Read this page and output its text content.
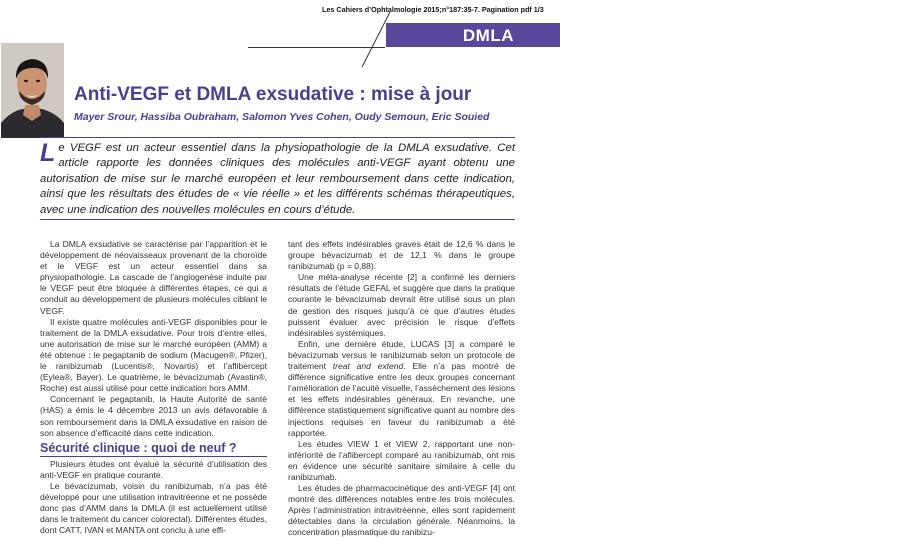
Les Cahiers d’Ophtalmologie 2015;n°187:35-7. Pagination pdf 1/3
DMLA
Anti-VEGF et DMLA exsudative : mise à jour
Mayer Srour, Hassiba Oubraham, Salomon Yves Cohen, Oudy Semoun, Eric Souied

Le VEGF est un acteur essentiel dans la physiopathologie de la DMLA exsudative. Cet article rapporte les données cliniques des molécules anti-VEGF ayant obtenu une autorisation de mise sur le marché européen et leur remboursement dans cette indication, ainsi que les résultats des études de « vie réelle » et les différents schémas thérapeutiques, avec une indication des nouvelles molécules en cours d’étude.

La DMLA exsudative se caractérise par l’apparition et le développement de néovaisseaux provenant de la choroïde et le VEGF est un acteur essentiel dans sa physiopathologie. La cascade de l’angiogenèse induite par le VEGF peut être bloquée à différentes étapes, ce qui a conduit au développement de plusieurs molécules ciblant le VEGF.

Il existe quatre molécules anti-VEGF disponibles pour le traitement de la DMLA exsudative. Pour trois d’entre elles, une autorisation de mise sur le marché européen (AMM) a été obtenue : le pegaptanib de sodium (Macugen®, Pfizer), le ranibizumab (Lucentis®, Novartis) et l’aflibercept (Eylea®, Bayer). Le quatrième, le bévacizumab (Avastin®, Roche) est aussi utilisé pour cette indication hors AMM.

Concernant le pegaptanib, la Haute Autorité de santé (HAS) a émis le 4 décembre 2013 un avis défavorable à son remboursement dans la DMLA exsudative en raison de son absence d’efficacité dans cette indication.

Sécurité clinique : quoi de neuf ?

Plusieurs études ont évalué la sécurité d’utilisation des anti-VEGF en pratique courante.

Le bévacizumab, voisin du ranibizumab, n’a pas été développé pour une utilisation intravitréenne et ne possède donc pas d’AMM dans la DMLA (il est actuellement utilisé dans le traitement du cancer colorectal). Différentes études, dont CATT, IVAN et MANTA ont conclu à une effi-

tant des effets indésirables graves était de 12,6 % dans le groupe bévacizumab et de 12,1 % dans le groupe ranibizumab (p = 0,88).

Une méta-analyse récente [2] a confirmé les derniers résultats de l’étude GEFAL et suggère que dans la pratique courante le bévacizumab devrait être utilisé sous un plan de gestion des risques jusqu’à ce que d’autres études puissent évaluer avec précision le risque d’effets indésirables systémiques.

Enfin, une dernière étude, LUCAS [3] a comparé le bévacizumab versus le ranibizumab selon un protocole de traitement treat and extend. Elle n’a pas montré de différence significative entre les deux groupes concernant l’amélioration de l’acuité visuelle, l’assèchement des lésions et les effets indésirables généraux. En revanche, une différence statistiquement significative quant au nombre des injections requises en faveur du ranibizumab a été rapportée.

Les études VIEW 1 et VIEW 2, rapportant une non-infériorité de l’aflibercept comparé au ranibizumab, ont mis en évidence une sécurité sanitaire similaire à celle du ranibizumab.

Les études de pharmacocinétique des anti-VEGF [4] ont montré des différences notables entre les trois molécules. Après l’administration intravitréenne, elles sont rapidement détectables dans la circulation générale. Néanmoins, la concentration plasmatique du ranibizu-
